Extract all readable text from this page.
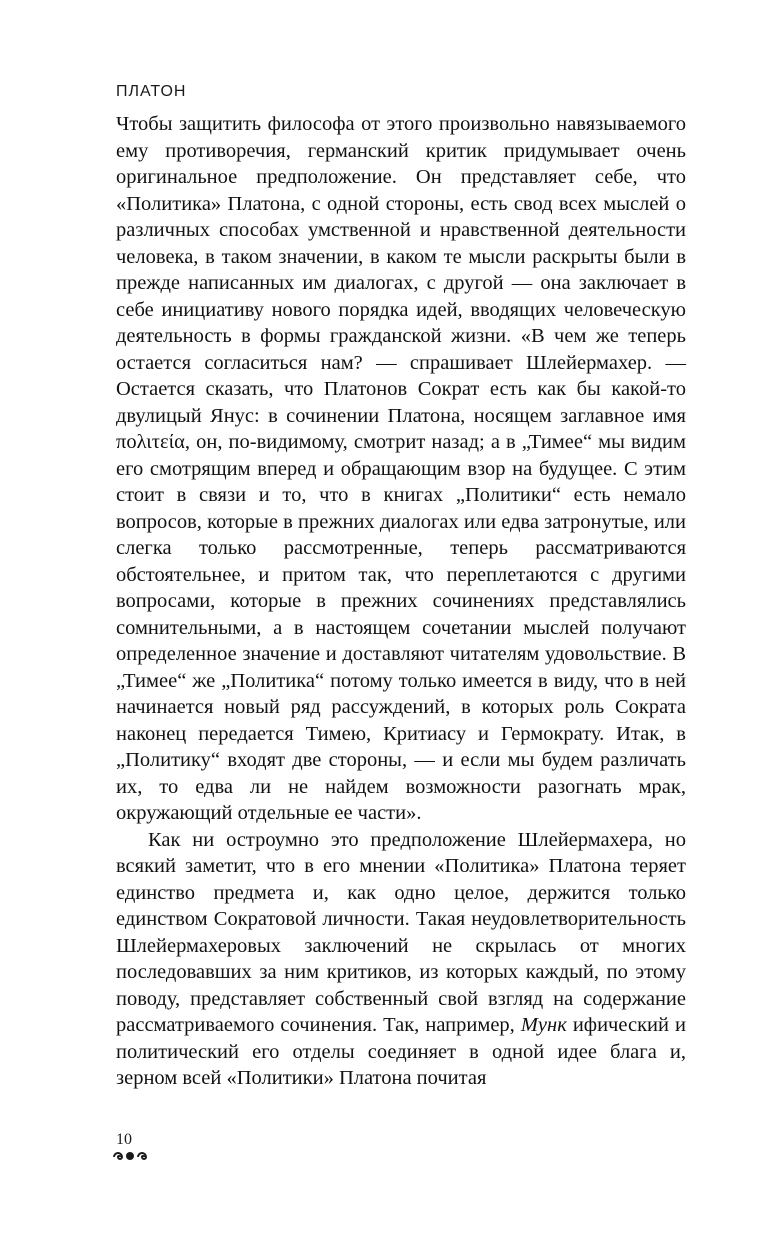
ПЛАТОН

Чтобы защитить философа от этого произвольно навязываемого ему противоречия, германский критик придумывает очень оригинальное предположение. Он представляет себе, что «Политика» Платона, с одной стороны, есть свод всех мыслей о различных способах умственной и нравственной деятельности человека, в таком значении, в каком те мысли раскрыты были в прежде написанных им диалогах, с другой — она заключает в себе инициативу нового порядка идей, вводящих человеческую деятельность в формы гражданской жизни. «В чем же теперь остается согласиться нам? — спрашивает Шлейермахер. — Остается сказать, что Платонов Сократ есть как бы какой-то двулицый Янус: в сочинении Платона, носящем заглавное имя πολιτεία, он, по-видимому, смотрит назад; а в „Тимее“ мы видим его смотрящим вперед и обращающим взор на будущее. С этим стоит в связи и то, что в книгах „Политики“ есть немало вопросов, которые в прежних диалогах или едва затронутые, или слегка только рассмотренные, теперь рассматриваются обстоятельнее, и притом так, что переплетаются с другими вопросами, которые в прежних сочинениях представлялись сомнительными, а в настоящем сочетании мыслей получают определенное значение и доставляют читателям удовольствие. В „Тимее“ же „Политика“ потому только имеется в виду, что в ней начинается новый ряд рассуждений, в которых роль Сократа наконец передается Тимею, Критиасу и Гермократу. Итак, в „Политику“ входят две стороны, — и если мы будем различать их, то едва ли не найдем возможности разогнать мрак, окружающий отдельные ее части».

Как ни остроумно это предположение Шлейермахера, но всякий заметит, что в его мнении «Политика» Платона теряет единство предмета и, как одно целое, держится только единством Сократовой личности. Такая неудовлетворительность Шлейермахеровых заключений не скрылась от многих последовавших за ним критиков, из которых каждый, по этому поводу, представляет собственный свой взгляд на содержание рассматриваемого сочинения. Так, например, Мунк ифический и политический его отделы соединяет в одной идее блага и, зерном всей «Политики» Платона почитая

10
